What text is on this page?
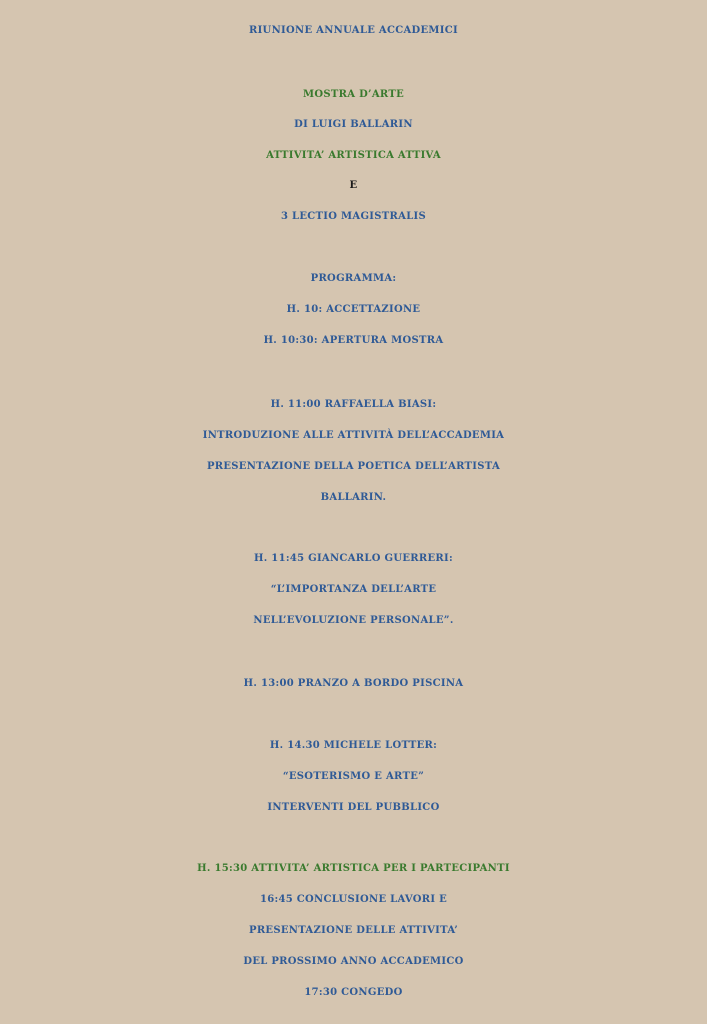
RIUNIONE ANNUALE ACCADEMICI
MOSTRA D’ARTE
DI LUIGI BALLARIN
ATTIVITA’ ARTISTICA ATTIVA
E
3 LECTIO MAGISTRALIS
PROGRAMMA:
H. 10: ACCETTAZIONE
H. 10:30: APERTURA MOSTRA
H. 11:00 RAFFAELLA BIASI:
INTRODUZIONE ALLE ATTIVITÀ DELL’ACCADEMIA
PRESENTAZIONE DELLA POETICA DELL’ARTISTA
BALLARIN.
H. 11:45 GIANCARLO GUERRERI:
“L’IMPORTANZA DELL’ARTE
NELL’EVOLUZIONE PERSONALE”.
H. 13:00 PRANZO A BORDO PISCINA
H. 14.30 MICHELE LOTTER:
“ESOTERISMO E ARTE”
INTERVENTI DEL PUBBLICO
H. 15:30 ATTIVITA’ ARTISTICA PER I PARTECIPANTI
16:45 CONCLUSIONE LAVORI E
PRESENTAZIONE DELLE ATTIVITA’
DEL PROSSIMO ANNO ACCADEMICO
17:30 CONGEDO
